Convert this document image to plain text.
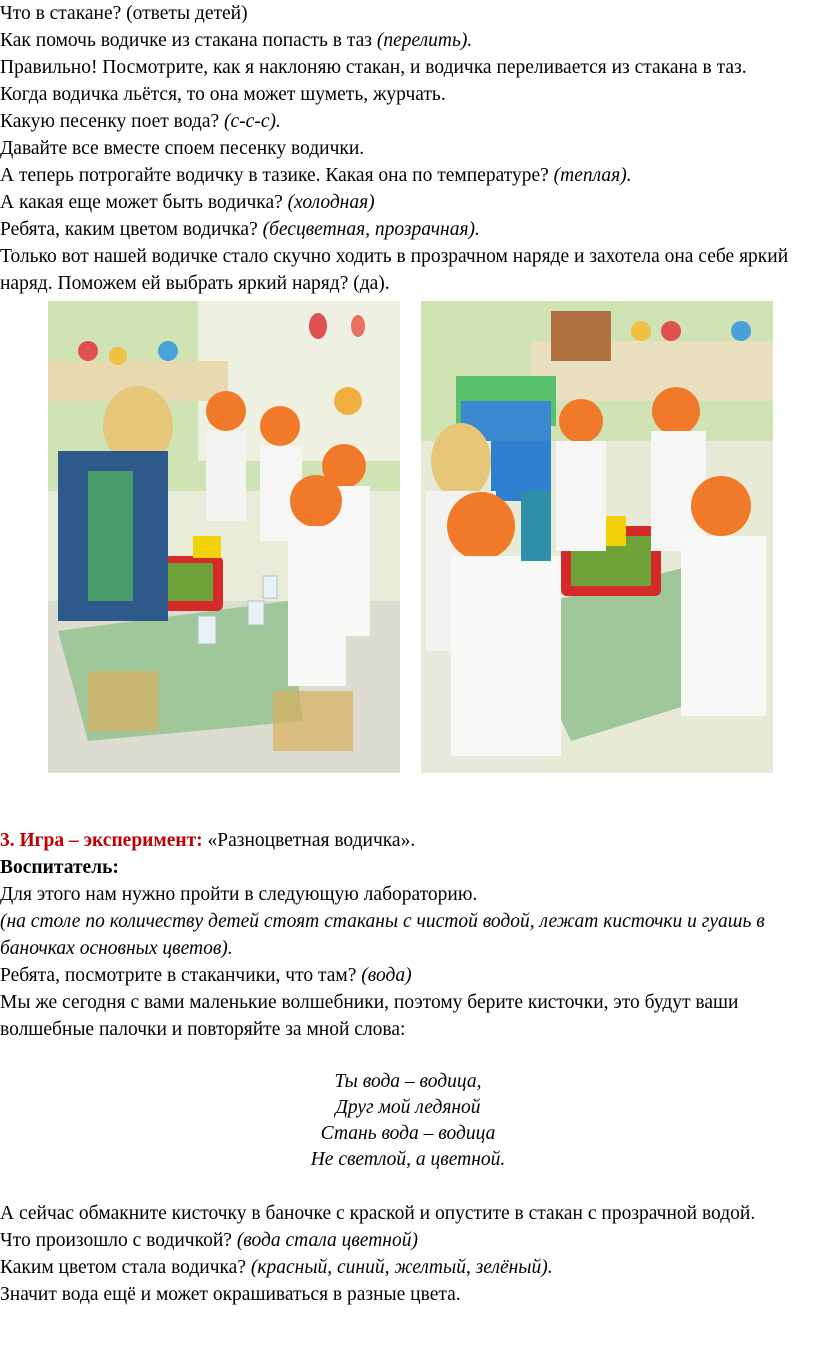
Что в стакане? (ответы детей)

Как помочь водичке из стакана попасть в таз (перелить).

Правильно! Посмотрите, как я наклоняю стакан, и водичка переливается из стакана в таз.

Когда водичка льётся, то она может шуметь, журчать.

Какую песенку поет вода? (с-с-с).

Давайте все вместе споем песенку водички.

А теперь потрогайте водичку в тазике. Какая она по температуре? (теплая).

А какая еще может быть водичка? (холодная)

Ребята, каким цветом водичка? (бесцветная, прозрачная).

Только вот нашей водичке стало скучно ходить в прозрачном наряде и захотела она себе яркий наряд. Поможем ей выбрать яркий наряд? (да).

3. Игра – эксперимент: «Разноцветная водичка».

Воспитатель:

Для этого нам нужно пройти в следующую лабораторию.

(на столе по количеству детей стоят стаканы с чистой водой, лежат кисточки и гуашь в баночках основных цветов).

Ребята, посмотрите в стаканчики, что там? (вода)

Мы же сегодня с вами маленькие волшебники, поэтому берите кисточки, это будут ваши волшебные палочки и повторяйте за мной слова:

Ты вода – водица,

Друг мой ледяной

Стань вода – водица

Не светлой, а цветной.

А сейчас обмакните кисточку в баночке с краской и опустите в стакан с прозрачной водой.

Что произошло с водичкой? (вода стала цветной)

Каким цветом стала водичка? (красный, синий, желтый, зелёный).

Значит вода ещё и может окрашиваться в разные цвета.
